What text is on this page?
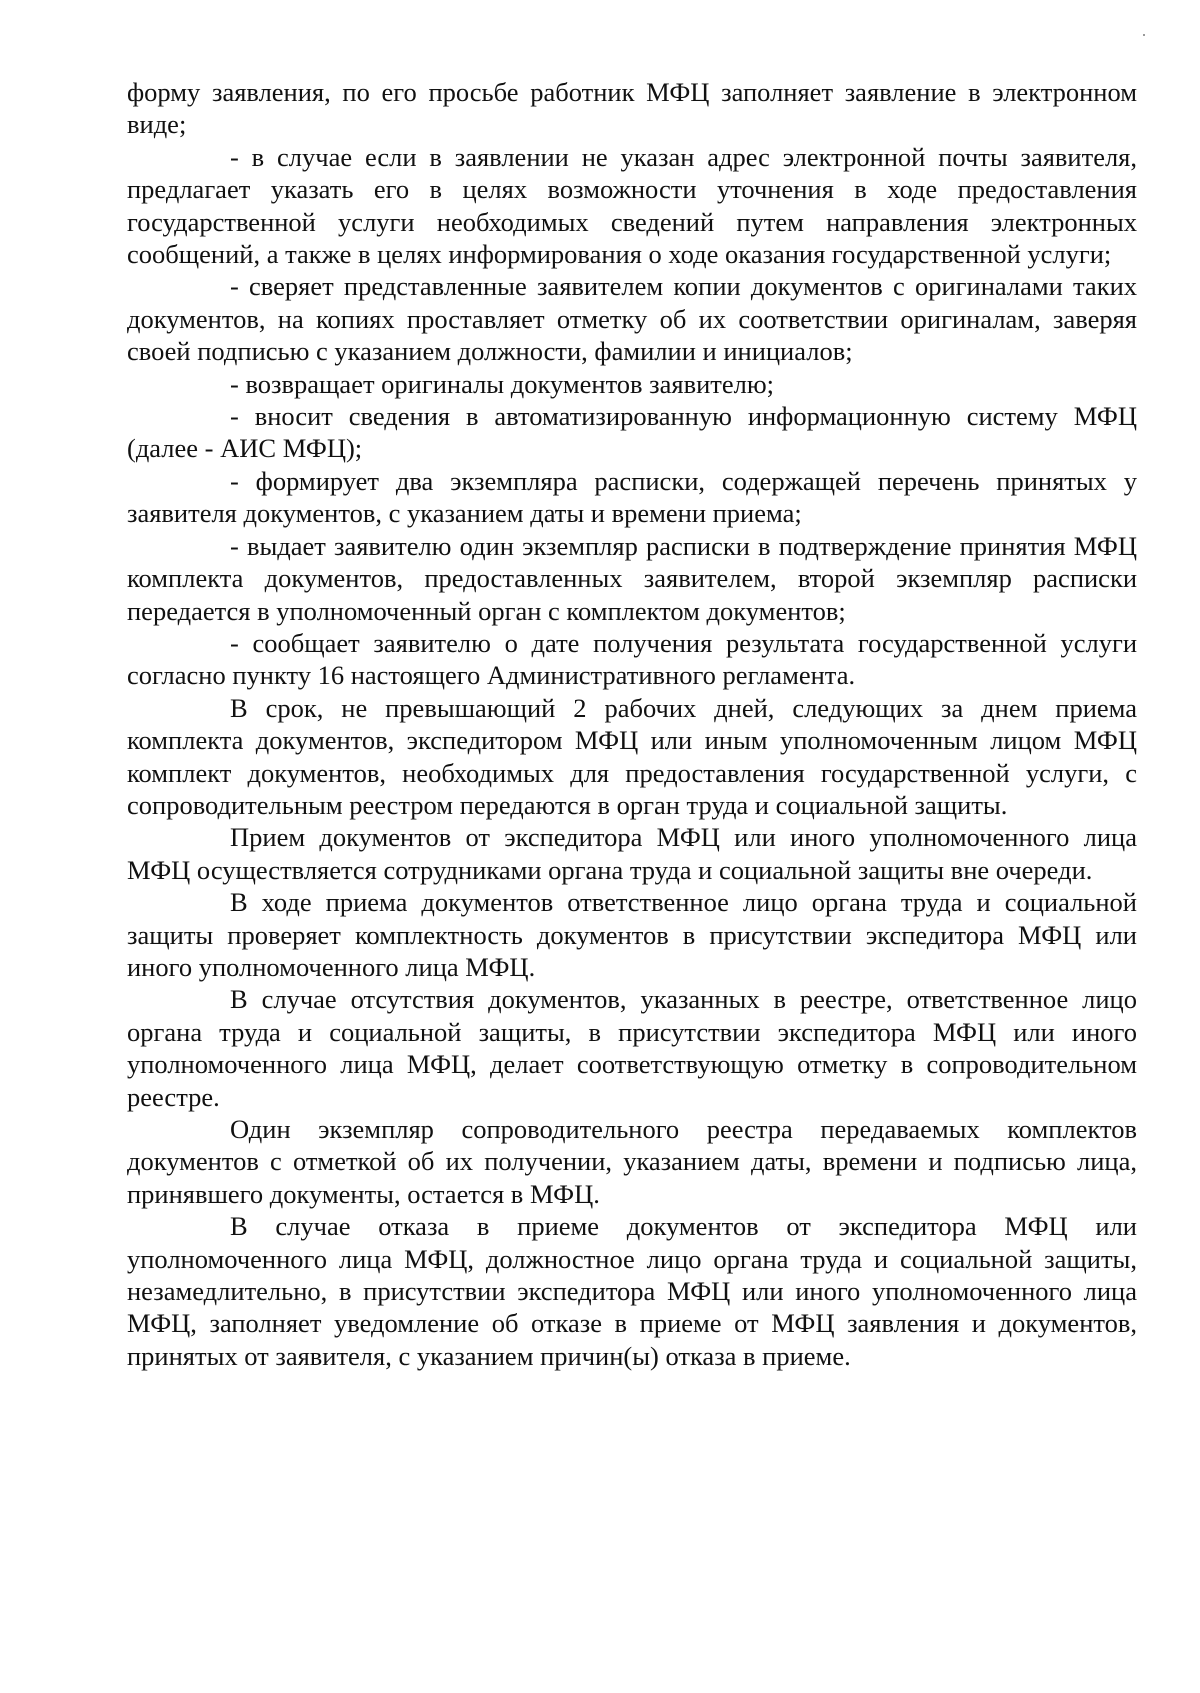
форму заявления, по его просьбе работник МФЦ заполняет заявление в электронном виде;

- в случае если в заявлении не указан адрес электронной почты заявителя, предлагает указать его в целях возможности уточнения в ходе предоставления государственной услуги необходимых сведений путем направления электронных сообщений, а также в целях информирования о ходе оказания государственной услуги;

- сверяет представленные заявителем копии документов с оригиналами таких документов, на копиях проставляет отметку об их соответствии оригиналам, заверяя своей подписью с указанием должности, фамилии и инициалов;

- возвращает оригиналы документов заявителю;

- вносит сведения в автоматизированную информационную систему МФЦ (далее - АИС МФЦ);

- формирует два экземпляра расписки, содержащей перечень принятых у заявителя документов, с указанием даты и времени приема;

- выдает заявителю один экземпляр расписки в подтверждение принятия МФЦ комплекта документов, предоставленных заявителем, второй экземпляр расписки передается в уполномоченный орган с комплектом документов;

- сообщает заявителю о дате получения результата государственной услуги согласно пункту 16 настоящего Административного регламента.

В срок, не превышающий 2 рабочих дней, следующих за днем приема комплекта документов, экспедитором МФЦ или иным уполномоченным лицом МФЦ комплект документов, необходимых для предоставления государственной услуги, с сопроводительным реестром передаются в орган труда и социальной защиты.

Прием документов от экспедитора МФЦ или иного уполномоченного лица МФЦ осуществляется сотрудниками органа труда и социальной защиты вне очереди.

В ходе приема документов ответственное лицо органа труда и социальной защиты проверяет комплектность документов в присутствии экспедитора МФЦ или иного уполномоченного лица МФЦ.

В случае отсутствия документов, указанных в реестре, ответственное лицо органа труда и социальной защиты, в присутствии экспедитора МФЦ или иного уполномоченного лица МФЦ, делает соответствующую отметку в сопроводительном реестре.

Один экземпляр сопроводительного реестра передаваемых комплектов документов с отметкой об их получении, указанием даты, времени и подписью лица, принявшего документы, остается в МФЦ.

В случае отказа в приеме документов от экспедитора МФЦ или уполномоченного лица МФЦ, должностное лицо органа труда и социальной защиты, незамедлительно, в присутствии экспедитора МФЦ или иного уполномоченного лица МФЦ, заполняет уведомление об отказе в приеме от МФЦ заявления и документов, принятых от заявителя, с указанием причин(ы) отказа в приеме.
